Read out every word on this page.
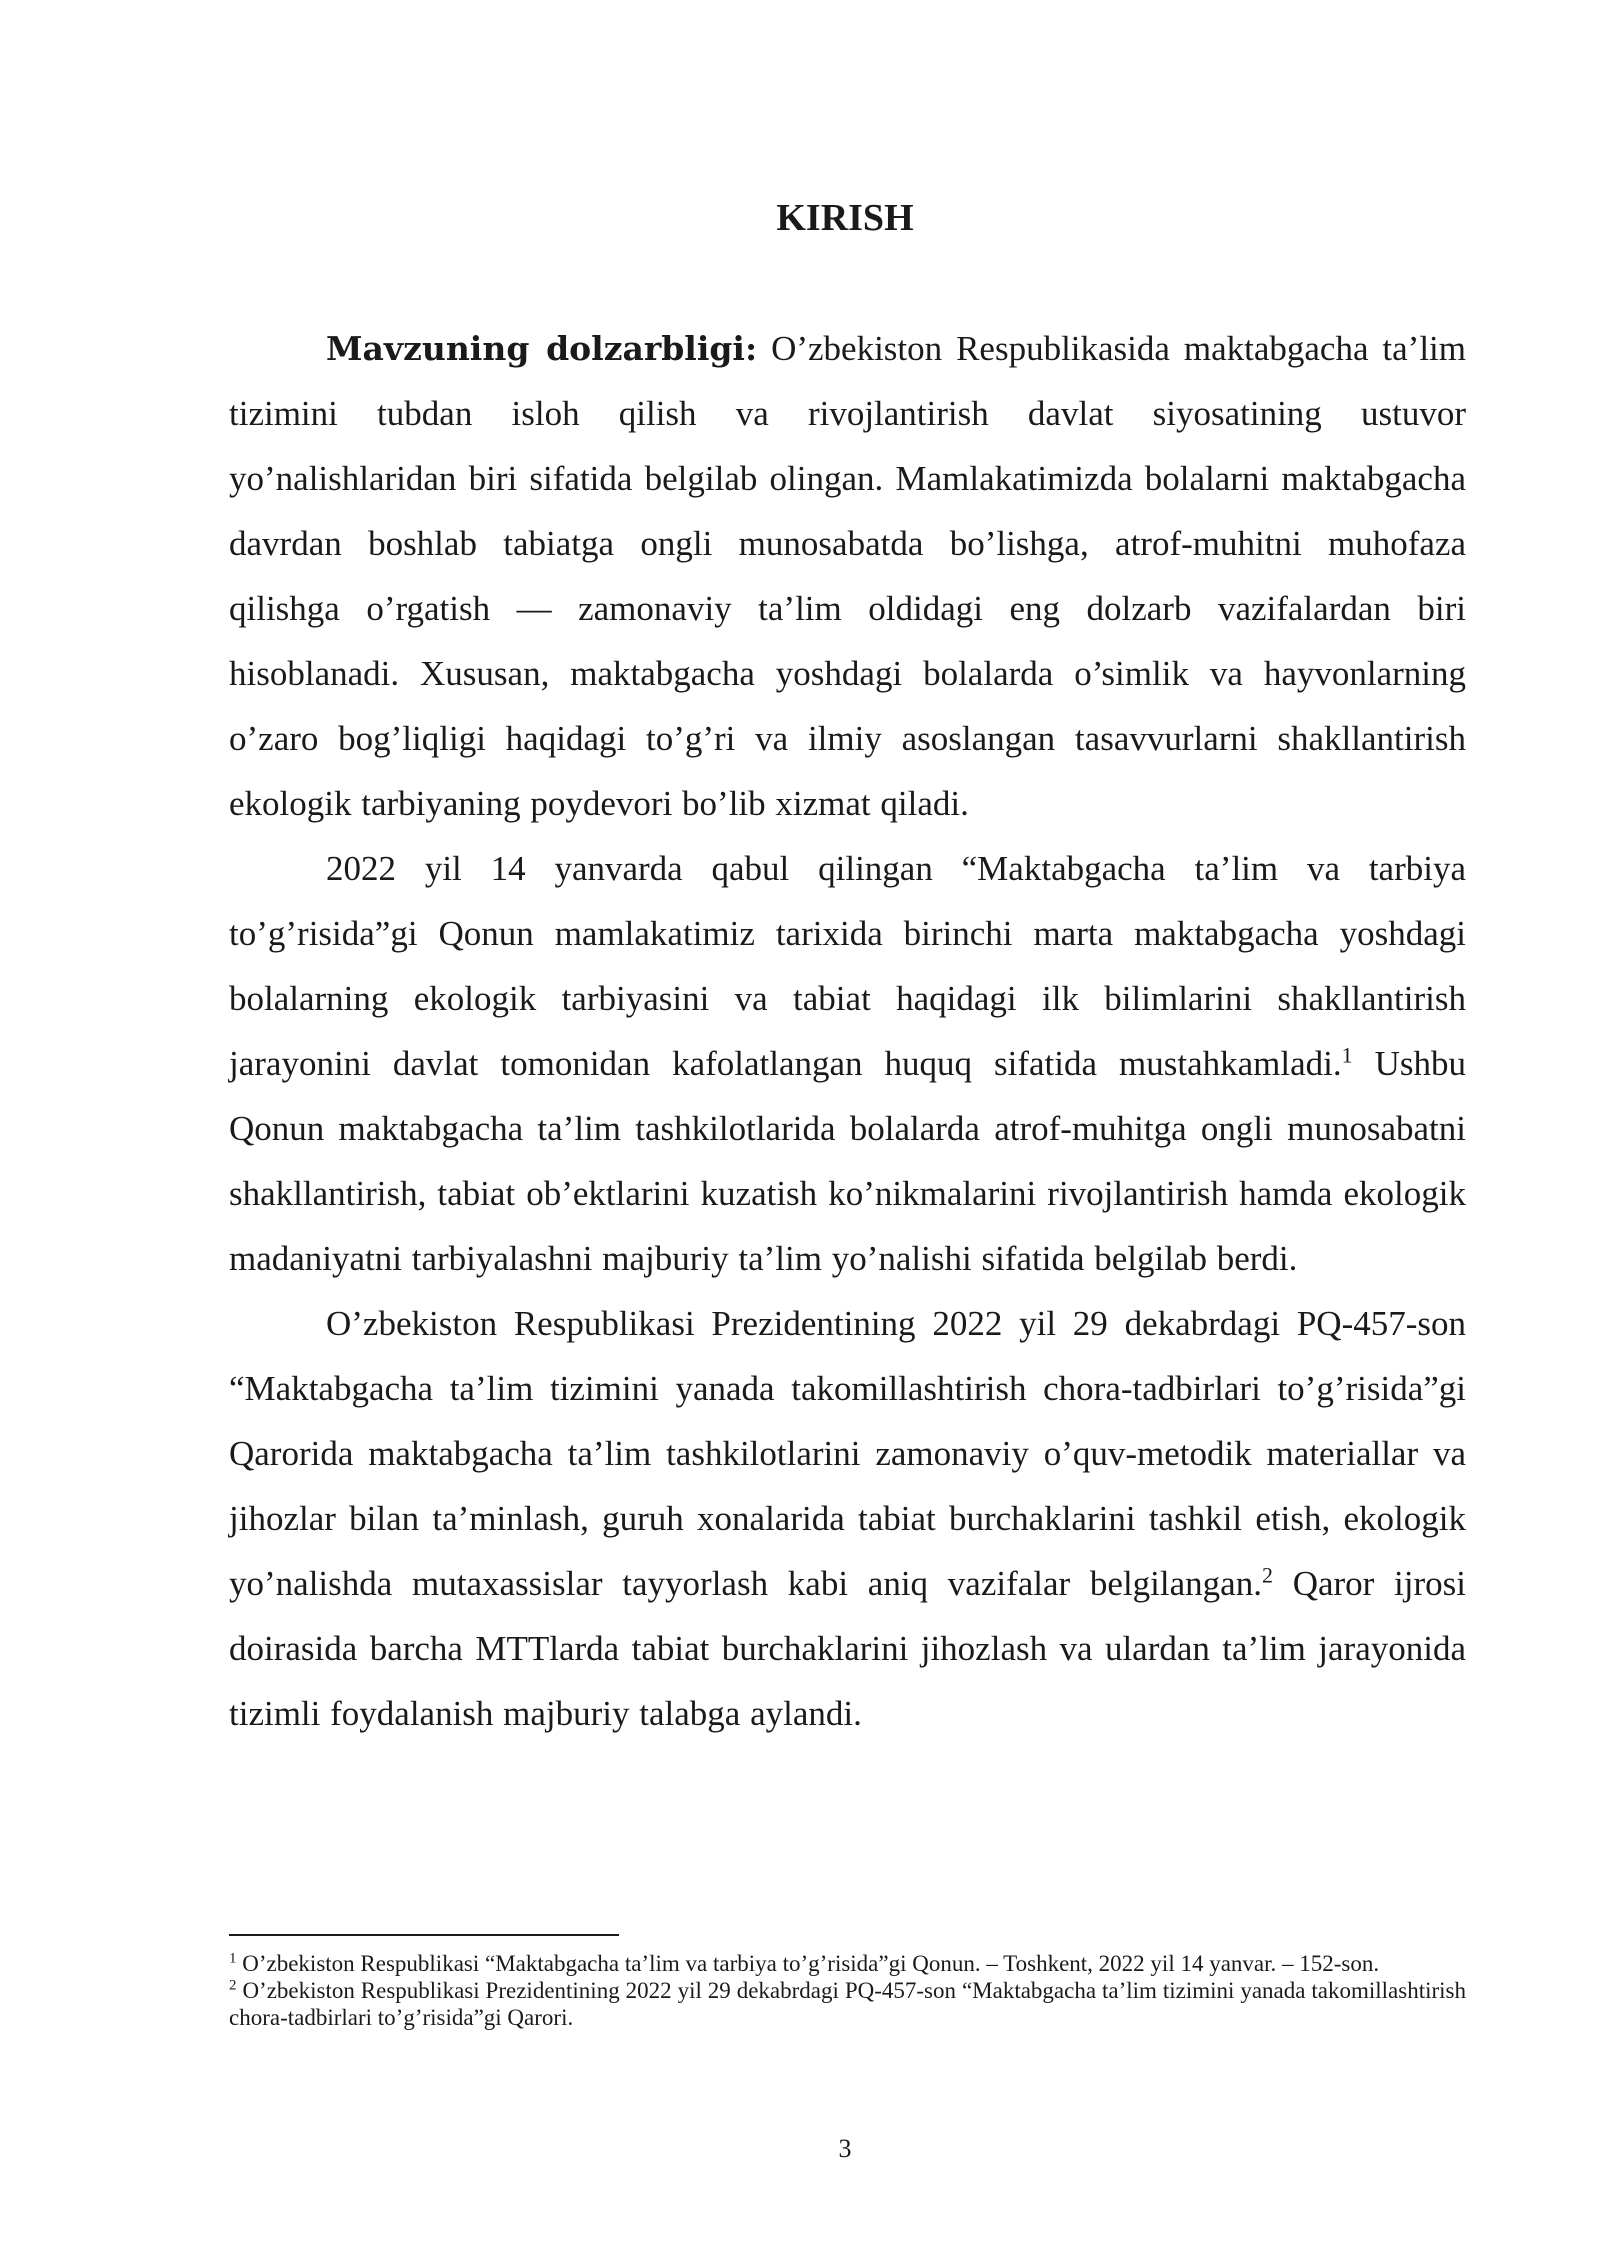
KIRISH

Mavzuning dolzarbligi: O’zbekiston Respublikasida maktabgacha ta’lim tizimini tubdan isloh qilish va rivojlantirish davlat siyosatining ustuvor yo’nalishlaridan biri sifatida belgilab olingan. Mamlakatimizda bolalarni maktabgacha davrdan boshlab tabiatga ongli munosabatda bo’lishga, atrof-muhitni muhofaza qilishga o’rgatish — zamonaviy ta’lim oldidagi eng dolzarb vazifalardan biri hisoblanadi. Xususan, maktabgacha yoshdagi bolalarda o’simlik va hayvonlarning o’zaro bog’liqligi haqidagi to’g’ri va ilmiy asoslangan tasavvurlarni shakllantirish ekologik tarbiyaning poydevori bo’lib xizmat qiladi.

2022 yil 14 yanvarda qabul qilingan “Maktabgacha ta’lim va tarbiya to’g’risida”gi Qonun mamlakatimiz tarixida birinchi marta maktabgacha yoshdagi bolalarning ekologik tarbiyasini va tabiat haqidagi ilk bilimlarini shakllantirish jarayonini davlat tomonidan kafolatlangan huquq sifatida mustahkamladi.$^1$ Ushbu Qonun maktabgacha ta’lim tashkilotlarida bolalarda atrof-muhitga ongli munosabatni shakllantirish, tabiat ob’ektlarini kuzatish ko’nikmalarini rivojlantirish hamda ekologik madaniyatni tarbiyalashni majburiy ta’lim yo’nalishi sifatida belgilab berdi.

O’zbekiston Respublikasi Prezidentining 2022 yil 29 dekabrdagi PQ-457-son “Maktabgacha ta’lim tizimini yanada takomillashtirish chora-tadbirlari to’g’risida”gi Qarorida maktabgacha ta’lim tashkilotlarini zamonaviy o’quv-metodik materiallar va jihozlar bilan ta’minlash, guruh xonalarida tabiat burchaklarini tashkil etish, ekologik yo’nalishda mutaxassislar tayyorlash kabi aniq vazifalar belgilangan.$^2$ Qaror ijrosi doirasida barcha MTTlarda tabiat burchaklarini jihozlash va ulardan ta’lim jarayonida tizimli foydalanish majburiy talabga aylandi.

$^1$ O’zbekiston Respublikasi “Maktabgacha ta’lim va tarbiya to’g’risida”gi Qonun. – Toshkent, 2022 yil 14 yanvar. – 152-son.

$^2$ O’zbekiston Respublikasi Prezidentining 2022 yil 29 dekabrdagi PQ-457-son “Maktabgacha ta’lim tizimini yanada takomillashtirish chora-tadbirlari to’g’risida”gi Qarori.

3
